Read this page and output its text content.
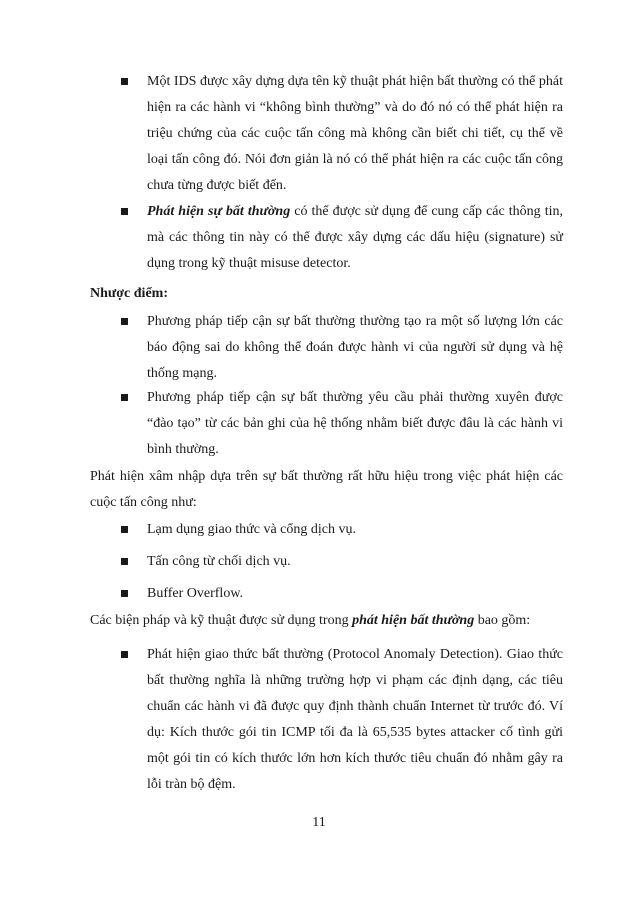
Một IDS được xây dựng dựa tên kỹ thuật phát hiện bất thường có thể phát hiện ra các hành vi “không bình thường” và do đó nó có thể phát hiện ra triệu chứng của các cuộc tấn công mà không cần biết chi tiết, cụ thể về loại tấn công đó. Nói đơn giản là nó có thể phát hiện ra các cuộc tấn công chưa từng được biết đến.
Phát hiện sự bất thường có thể được sử dụng để cung cấp các thông tin, mà các thông tin này có thể được xây dựng các dấu hiệu (signature) sử dụng trong kỹ thuật misuse detector.
Nhược điểm:
Phương pháp tiếp cận sự bất thường thường tạo ra một số lượng lớn các báo động sai do không thể đoán được hành vi của người sử dụng và hệ thống mạng.
Phương pháp tiếp cận sự bất thường yêu cầu phải thường xuyên được “đào tạo” từ các bản ghi của hệ thống nhằm biết được đâu là các hành vi bình thường.
Phát hiện xâm nhập dựa trên sự bất thường rất hữu hiệu trong việc phát hiện các cuộc tấn công như:
Lạm dụng giao thức và cổng dịch vụ.
Tấn công từ chối dịch vụ.
Buffer Overflow.
Các biện pháp và kỹ thuật được sử dụng trong phát hiện bất thường bao gồm:
Phát hiện giao thức bất thường (Protocol Anomaly Detection). Giao thức bất thường nghĩa là những trường hợp vi phạm các định dạng, các tiêu chuẩn các hành vi đã được quy định thành chuẩn Internet từ trước đó. Ví dụ: Kích thước gói tin ICMP tối đa là 65,535 bytes attacker cố tình gửi một gói tin có kích thước lớn hơn kích thước tiêu chuẩn đó nhằm gây ra lỗi tràn bộ đệm.
11
